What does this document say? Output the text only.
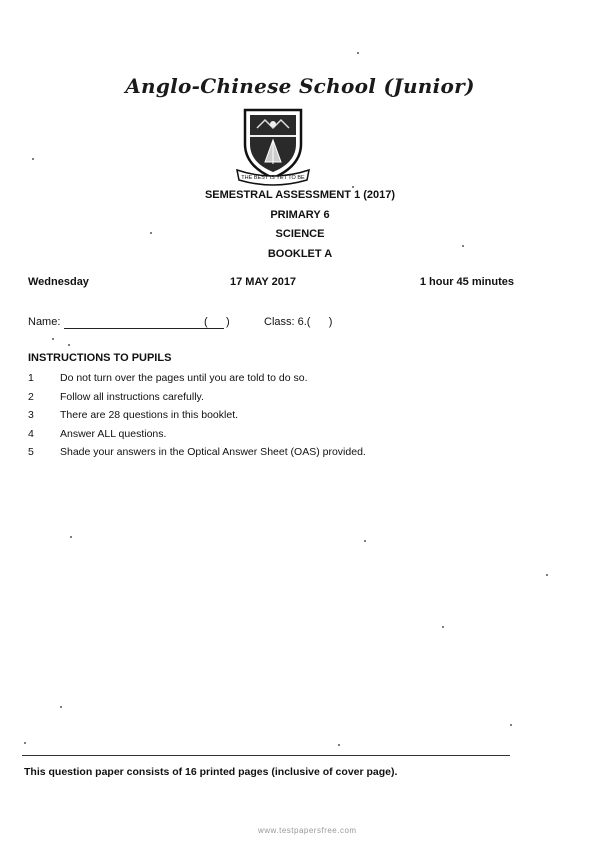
Anglo-Chinese School (Junior)
THE BEST IS YET TO BE
SEMESTRAL ASSESSMENT 1 (2017)
PRIMARY 6
SCIENCE
BOOKLET A
Wednesday	17 MAY 2017	1 hour 45 minutes
Name:	(      )	Class: 6.(      )
INSTRUCTIONS TO PUPILS
1 Do not turn over the pages until you are told to do so.
2 Follow all instructions carefully.
3 There are 28 questions in this booklet.
4 Answer ALL questions.
5 Shade your answers in the Optical Answer Sheet (OAS) provided.
This question paper consists of 16 printed pages (inclusive of cover page).
www.testpapersfree.com
